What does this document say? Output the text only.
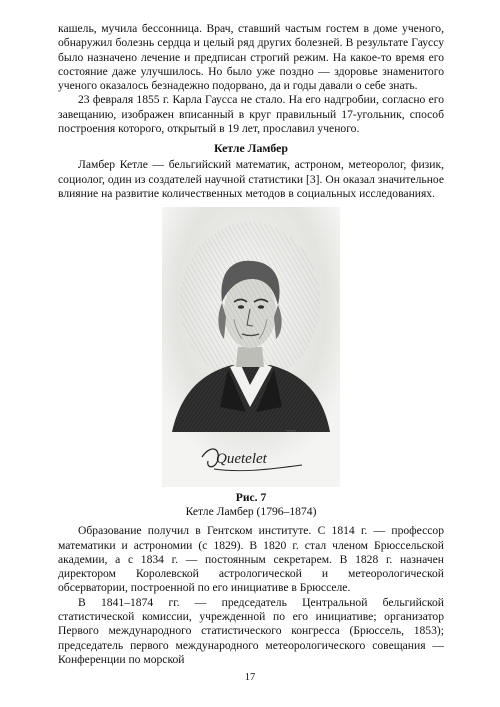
кашель, мучила бессонница. Врач, ставший частым гостем в доме ученого, обнаружил болезнь сердца и целый ряд других болезней. В результате Гауссу было назначено лечение и предписан строгий режим. На какое-то время его состояние даже улучшилось. Но было уже поздно — здоровье знаменитого ученого оказалось безнадежно подорвано, да и годы давали о себе знать.

23 февраля 1855 г. Карла Гаусса не стало. На его надгробии, согласно его завещанию, изображен вписанный в круг правильный 17-угольник, способ построения которого, открытый в 19 лет, прославил ученого.

Кетле Ламбер

Ламбер Кетле — бельгийский математик, астроном, метеоролог, физик, социолог, один из создателей научной статистики [3]. Он оказал значительное влияние на развитие количественных методов в социальных исследованиях.

~~~
Quetelet
Рис. 7
Кетле Ламбер (1796–1874)

Образование получил в Гентском институте. С 1814 г. — профессор математики и астрономии (с 1829). В 1820 г. стал членом Брюссельской академии, а с 1834 г. — постоянным секретарем. В 1828 г. назначен директором Королевской астрологической и метеорологической обсерватории, построенной по его инициативе в Брюсселе.

В 1841–1874 гг. — председатель Центральной бельгийской статистической комиссии, учрежденной по его инициативе; организатор Первого международного статистического конгресса (Брюссель, 1853); председатель первого международного метеорологического совещания — Конференции по морской

17
